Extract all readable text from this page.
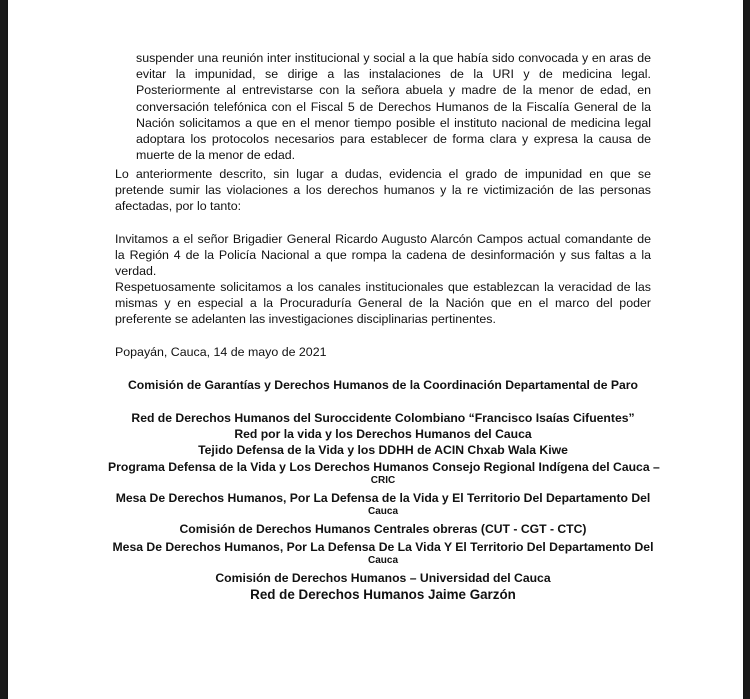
suspender una reunión inter institucional y social a la que había sido convocada y en aras de evitar la impunidad, se dirige a las instalaciones de la URI y de medicina legal. Posteriormente al entrevistarse con la señora abuela y madre de la menor de edad, en conversación telefónica con el Fiscal 5 de Derechos Humanos de la Fiscalía General de la Nación solicitamos a que en el menor tiempo posible el instituto nacional de medicina legal adoptara los protocolos necesarios para establecer de forma clara y expresa la causa de muerte de la menor de edad.
Lo anteriormente descrito, sin lugar a dudas, evidencia el grado de impunidad en que se pretende sumir las violaciones a los derechos humanos y la re victimización de las personas afectadas, por lo tanto:
Invitamos a el señor Brigadier General Ricardo Augusto Alarcón Campos actual comandante de la Región 4 de la Policía Nacional a que rompa la cadena de desinformación y sus faltas a la verdad.
Respetuosamente solicitamos a los canales institucionales que establezcan la veracidad de las mismas y en especial a la Procuraduría General de la Nación que en el marco del poder preferente se adelanten las investigaciones disciplinarias pertinentes.
Popayán, Cauca, 14 de mayo de 2021
Comisión de Garantías y Derechos Humanos de la Coordinación Departamental de Paro
Red de Derechos Humanos del Suroccidente Colombiano “Francisco Isaías Cifuentes”
Red por la vida y los Derechos Humanos del Cauca
Tejido Defensa de la Vida y los DDHH de ACIN Chxab Wala Kiwe
Programa Defensa de la Vida y Los Derechos Humanos Consejo Regional Indígena del Cauca –
CRIC
Mesa De Derechos Humanos, Por La Defensa de la Vida y El Territorio Del Departamento Del
Cauca
Comisión de Derechos Humanos Centrales obreras (CUT - CGT - CTC)
Mesa De Derechos Humanos, Por La Defensa De La Vida Y El Territorio Del Departamento Del
Cauca
Comisión de Derechos Humanos – Universidad del Cauca
Red de Derechos Humanos Jaime Garzón
